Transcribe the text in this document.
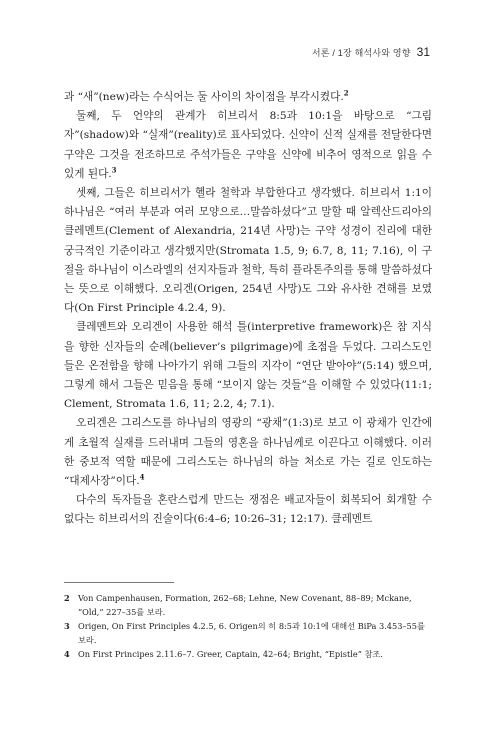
서론 / 1장 해석사와 영향 31

과 “새”(new)라는 수식어는 둘 사이의 차이점을 부각시켰다.$^2$

둘째, 두 언약의 관계가 히브리서 8:5과 10:1을 바탕으로 “그림자”(shadow)와 “실재”(reality)로 표사되었다. 신약이 신적 실재를 전달한다면 구약은 그것을 전조하므로 주석가들은 구약을 신약에 비추어 영적으로 읽을 수 있게 된다.$^3$

셋째, 그들은 히브리서가 헬라 철학과 부합한다고 생각했다. 히브리서 1:1이 하나님은 “여러 부분과 여러 모양으로…말씀하셨다”고 말할 때 알렉산드리아의 클레멘트(Clement of Alexandria, 214년 사망)는 구약 성경이 진리에 대한 궁극적인 기준이라고 생각했지만(Stromata 1.5, 9; 6.7, 8, 11; 7.16), 이 구절을 하나님이 이스라엘의 선지자들과 철학, 특히 플라톤주의를 통해 말씀하셨다는 뜻으로 이해했다. 오리겐(Origen, 254년 사망)도 그와 유사한 견해를 보였다(On First Principle 4.2.4, 9).

클레멘트와 오리겐이 사용한 해석 틀(interpretive framework)은 참 지식을 향한 신자들의 순례(believer’s pilgrimage)에 초점을 두었다. 그리스도인들은 온전함을 향해 나아가기 위해 그들의 지각이 “연단 받아야”(5:14) 했으며, 그렇게 해서 그들은 믿음을 통해 “보이지 않는 것들”을 이해할 수 있었다(11:1; Clement, Stromata 1.6, 11; 2.2, 4; 7.1).

오리겐은 그리스도를 하나님의 영광의 “광채”(1:3)로 보고 이 광채가 인간에게 초월적 실재를 드러내며 그들의 영혼을 하나님께로 이끈다고 이해했다. 이러한 중보적 역할 때문에 그리스도는 하나님의 하늘 처소로 가는 길로 인도하는 “대제사장”이다.$^4$

다수의 독자들을 혼란스럽게 만드는 쟁점은 배교자들이 회복되어 회개할 수 없다는 히브리서의 진술이다(6:4–6; 10:26–31; 12:17). 클레멘트

2	Von Campenhausen, Formation, 262–68; Lehne, New Covenant, 88–89; Mckane, “Old,” 227–35를 보라.
3	Origen, On First Principles 4.2.5, 6. Origen의 히 8:5과 10:1에 대해선 BiPa 3.453–55를 보라.
4	On First Principes 2.11.6–7. Greer, Captain, 42–64; Bright, “Epistle” 참조.
